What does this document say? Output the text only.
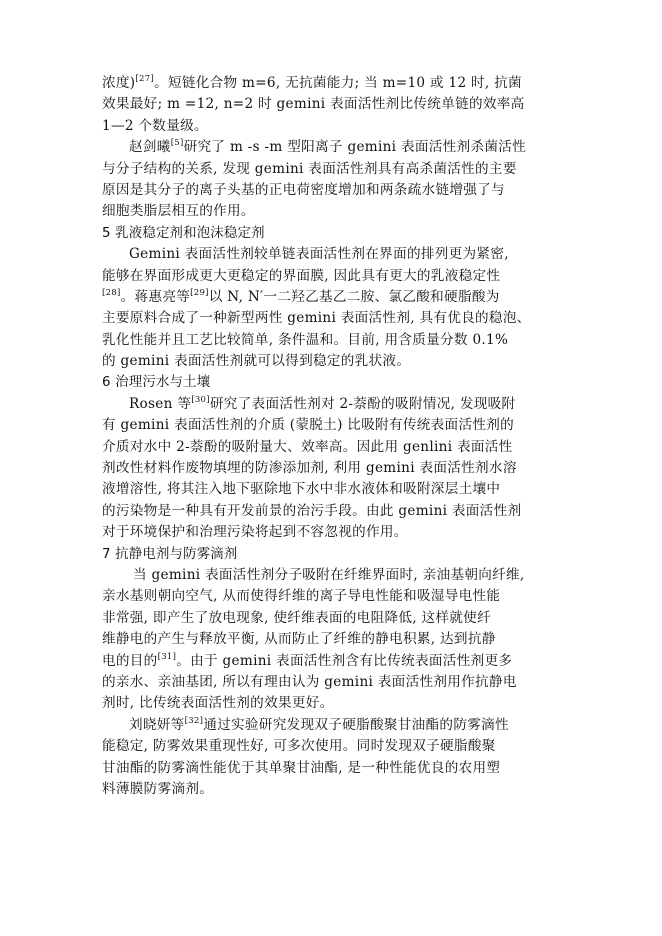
浓度)[27]。短链化合物 m=6, 无抗菌能力; 当 m=10 或 12 时, 抗菌
效果最好; m =12, n=2 时 gemini 表面活性剂比传统单链的效率高
1—2 个数量级。
赵剑曦[5]研究了 m -s -m 型阳离子 gemini 表面活性剂杀菌活性
与分子结构的关系, 发现 gemini 表面活性剂具有高杀菌活性的主要
原因是其分子的离子头基的正电荷密度增加和两条疏水链增强了与
细胞类脂层相互的作用。
5 乳液稳定剂和泡沫稳定剂
Gemini 表面活性剂较单链表面活性剂在界面的排列更为紧密,
能够在界面形成更大更稳定的界面膜, 因此具有更大的乳液稳定性
[28]。蒋惠亮等[29]以 N, N′一二羟乙基乙二胺、氯乙酸和硬脂酸为
主要原料合成了一种新型两性 gemini 表面活性剂, 具有优良的稳泡、
乳化性能并且工艺比较简单, 条件温和。目前, 用含质量分数 0.1%
的 gemini 表面活性剂就可以得到稳定的乳状液。
6 治理污水与土壤
Rosen 等[30]研究了表面活性剂对 2-萘酚的吸附情况, 发现吸附
有 gemini 表面活性剂的介质 (蒙脱土) 比吸附有传统表面活性剂的
介质对水中 2-萘酚的吸附量大、效率高。因此用 genlini 表面活性
剂改性材料作废物填埋的防渗添加剂, 利用 gemini 表面活性剂水溶
液增溶性, 将其注入地下驱除地下水中非水液体和吸附深层土壤中
的污染物是一种具有开发前景的治污手段。由此 gemini 表面活性剂
对于环境保护和治理污染将起到不容忽视的作用。
7 抗静电剂与防雾滴剂
当 gemini 表面活性剂分子吸附在纤维界面时, 亲油基朝向纤维,
亲水基则朝向空气, 从而使得纤维的离子导电性能和吸湿导电性能
非常强, 即产生了放电现象, 使纤维表面的电阻降低, 这样就使纤
维静电的产生与释放平衡, 从而防止了纤维的静电积累, 达到抗静
电的目的[31]。由于 gemini 表面活性剂含有比传统表面活性剂更多
的亲水、亲油基团, 所以有理由认为 gemini 表面活性剂用作抗静电
剂时, 比传统表面活性剂的效果更好。
刘晓妍等[32]通过实验研究发现双子硬脂酸聚甘油酯的防雾滴性
能稳定, 防雾效果重现性好, 可多次使用。同时发现双子硬脂酸聚
甘油酯的防雾滴性能优于其单聚甘油酯, 是一种性能优良的农用塑
料薄膜防雾滴剂。
